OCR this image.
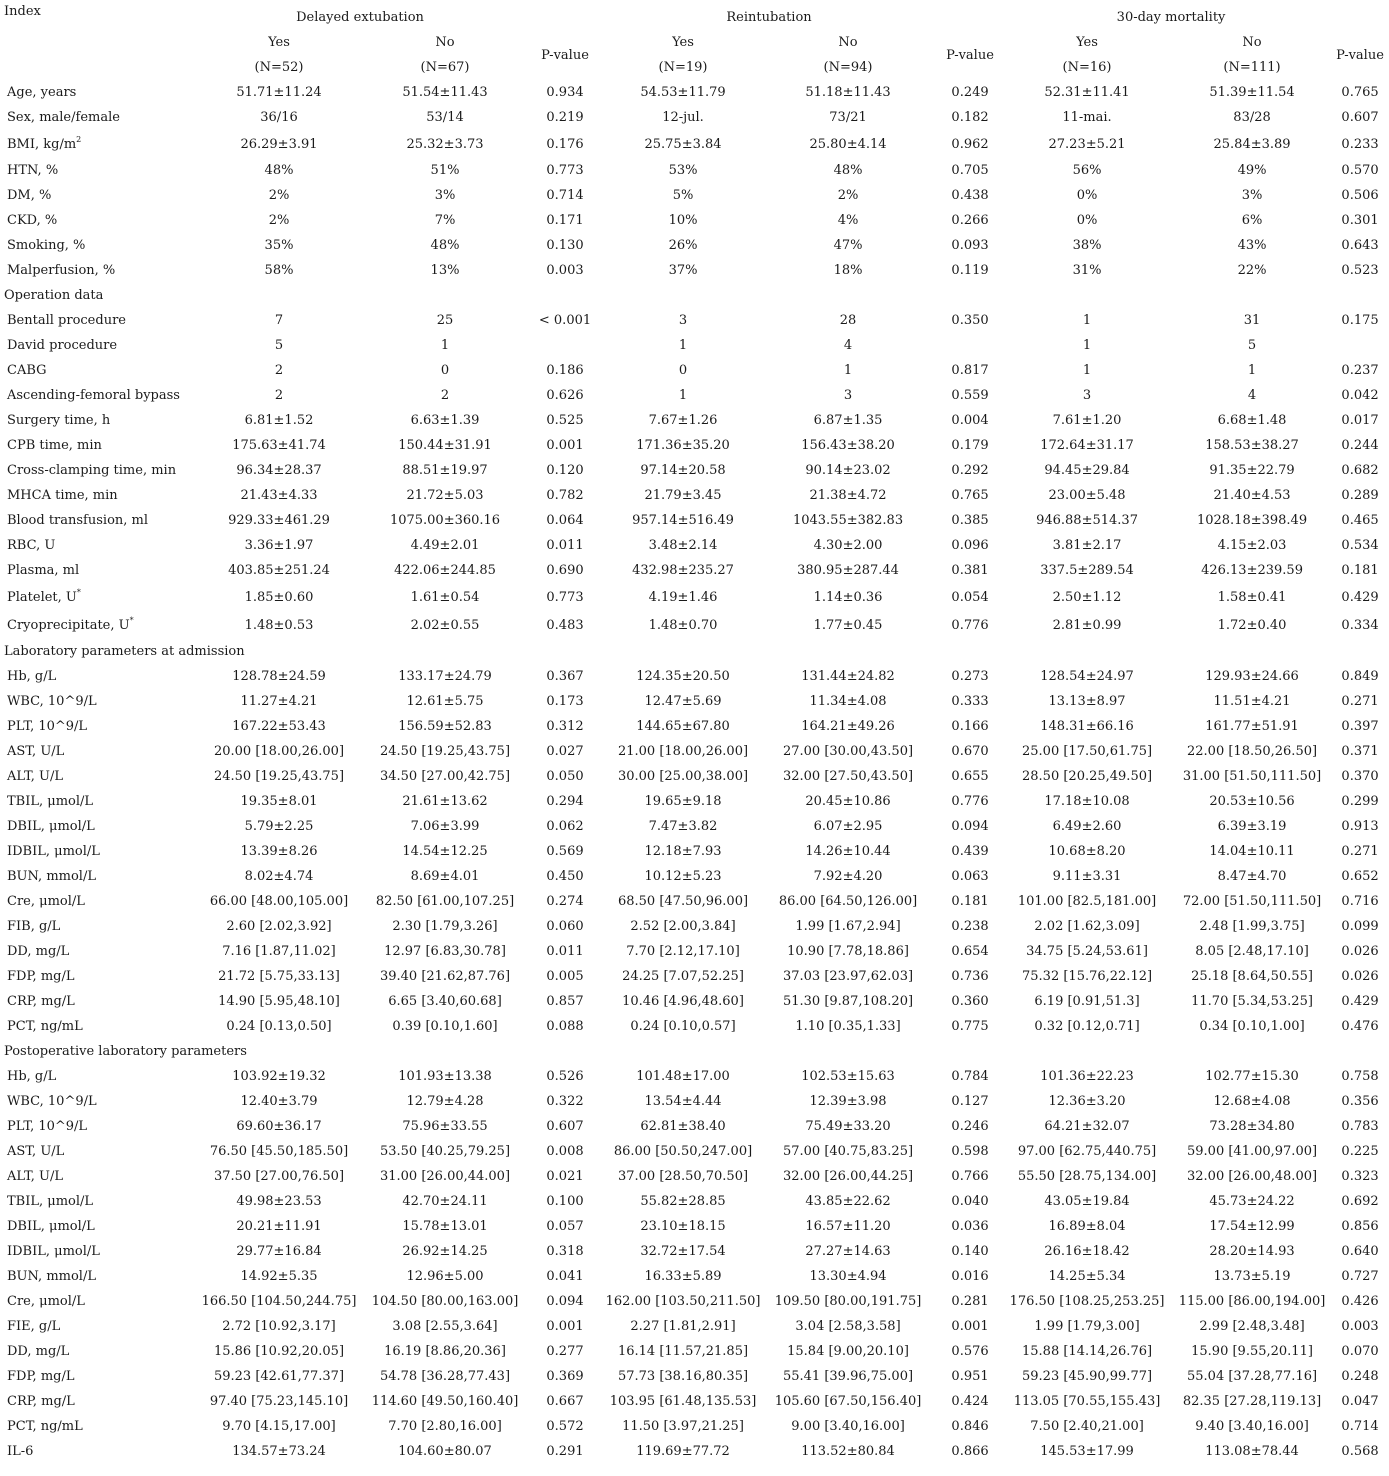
Index	Delayed extubation			Reintubation			30-day mortality		
	Yes	No	P-value	Yes	No	P-value	Yes	No	P-value
	(N=52)	(N=67)		(N=19)	(N=94)		(N=16)	(N=111)	
Age, years	51.71±11.24	51.54±11.43	0.934	54.53±11.79	51.18±11.43	0.249	52.31±11.41	51.39±11.54	0.765
Sex, male/female	36/16	53/14	0.219	12-jul.	73/21	0.182	11-mai.	83/28	0.607
BMI, $kg/m^2$	26.29±3.91	25.32±3.73	0.176	25.75±3.84	25.80±4.14	0.962	27.23±5.21	25.84±3.89	0.233
HTN, %	48%	51%	0.773	53%	48%	0.705	56%	49%	0.570
DM, %	2%	3%	0.714	5%	2%	0.438	0%	3%	0.506
CKD, %	2%	7%	0.171	10%	4%	0.266	0%	6%	0.301
Smoking, %	35%	48%	0.130	26%	47%	0.093	38%	43%	0.643
Malperfusion, %	58%	13%	0.003	37%	18%	0.119	31%	22%	0.523
Operation data									
Bentall procedure	7	25	< 0.001	3	28	0.350	1	31	0.175
David procedure	5	1		1	4		1	5	
CABG	2	0	0.186	0	1	0.817	1	1	0.237
Ascending-femoral bypass	2	2	0.626	1	3	0.559	3	4	0.042
Surgery time, h	6.81±1.52	6.63±1.39	0.525	7.67±1.26	6.87±1.35	0.004	7.61±1.20	6.68±1.48	0.017
CPB time, min	175.63±41.74	150.44±31.91	0.001	171.36±35.20	156.43±38.20	0.179	172.64±31.17	158.53±38.27	0.244
Cross-clamping time, min	96.34±28.37	88.51±19.97	0.120	97.14±20.58	90.14±23.02	0.292	94.45±29.84	91.35±22.79	0.682
MHCA time, min	21.43±4.33	21.72±5.03	0.782	21.79±3.45	21.38±4.72	0.765	23.00±5.48	21.40±4.53	0.289
Blood transfusion, ml	929.33±461.29	1075.00±360.16	0.064	957.14±516.49	1043.55±382.83	0.385	946.88±514.37	1028.18±398.49	0.465
RBC, U	3.36±1.97	4.49±2.01	0.011	3.48±2.14	4.30±2.00	0.096	3.81±2.17	4.15±2.03	0.534
Plasma, ml	403.85±251.24	422.06±244.85	0.690	432.98±235.27	380.95±287.44	0.381	337.5±289.54	426.13±239.59	0.181
Platelet, U*	1.85±0.60	1.61±0.54	0.773	4.19±1.46	1.14±0.36	0.054	2.50±1.12	1.58±0.41	0.429
Cryoprecipitate, U*	1.48±0.53	2.02±0.55	0.483	1.48±0.70	1.77±0.45	0.776	2.81±0.99	1.72±0.40	0.334
Laboratory parameters at admission									
Hb, g/L	128.78±24.59	133.17±24.79	0.367	124.35±20.50	131.44±24.82	0.273	128.54±24.97	129.93±24.66	0.849
WBC, 10^9/L	11.27±4.21	12.61±5.75	0.173	12.47±5.69	11.34±4.08	0.333	13.13±8.97	11.51±4.21	0.271
PLT, 10^9/L	167.22±53.43	156.59±52.83	0.312	144.65±67.80	164.21±49.26	0.166	148.31±66.16	161.77±51.91	0.397
AST, U/L	20.00 [18.00,26.00]	24.50 [19.25,43.75]	0.027	21.00 [18.00,26.00]	27.00 [30.00,43.50]	0.670	25.00 [17.50,61.75]	22.00 [18.50,26.50]	0.371
ALT, U/L	24.50 [19.25,43.75]	34.50 [27.00,42.75]	0.050	30.00 [25.00,38.00]	32.00 [27.50,43.50]	0.655	28.50 [20.25,49.50]	31.00 [51.50,111.50]	0.370
TBIL, μmol/L	19.35±8.01	21.61±13.62	0.294	19.65±9.18	20.45±10.86	0.776	17.18±10.08	20.53±10.56	0.299
DBIL, μmol/L	5.79±2.25	7.06±3.99	0.062	7.47±3.82	6.07±2.95	0.094	6.49±2.60	6.39±3.19	0.913
IDBIL, μmol/L	13.39±8.26	14.54±12.25	0.569	12.18±7.93	14.26±10.44	0.439	10.68±8.20	14.04±10.11	0.271
BUN, mmol/L	8.02±4.74	8.69±4.01	0.450	10.12±5.23	7.92±4.20	0.063	9.11±3.31	8.47±4.70	0.652
Cre, μmol/L	66.00 [48.00,105.00]	82.50 [61.00,107.25]	0.274	68.50 [47.50,96.00]	86.00 [64.50,126.00]	0.181	101.00 [82.5,181.00]	72.00 [51.50,111.50]	0.716
FIB, g/L	2.60 [2.02,3.92]	2.30 [1.79,3.26]	0.060	2.52 [2.00,3.84]	1.99 [1.67,2.94]	0.238	2.02 [1.62,3.09]	2.48 [1.99,3.75]	0.099
DD, mg/L	7.16 [1.87,11.02]	12.97 [6.83,30.78]	0.011	7.70 [2.12,17.10]	10.90 [7.78,18.86]	0.654	34.75 [5.24,53.61]	8.05 [2.48,17.10]	0.026
FDP, mg/L	21.72 [5.75,33.13]	39.40 [21.62,87.76]	0.005	24.25 [7.07,52.25]	37.03 [23.97,62.03]	0.736	75.32 [15.76,22.12]	25.18 [8.64,50.55]	0.026
CRP, mg/L	14.90 [5.95,48.10]	6.65 [3.40,60.68]	0.857	10.46 [4.96,48.60]	51.30 [9.87,108.20]	0.360	6.19 [0.91,51.3]	11.70 [5.34,53.25]	0.429
PCT, ng/mL	0.24 [0.13,0.50]	0.39 [0.10,1.60]	0.088	0.24 [0.10,0.57]	1.10 [0.35,1.33]	0.775	0.32 [0.12,0.71]	0.34 [0.10,1.00]	0.476
Postoperative laboratory parameters									
Hb, g/L	103.92±19.32	101.93±13.38	0.526	101.48±17.00	102.53±15.63	0.784	101.36±22.23	102.77±15.30	0.758
WBC, 10^9/L	12.40±3.79	12.79±4.28	0.322	13.54±4.44	12.39±3.98	0.127	12.36±3.20	12.68±4.08	0.356
PLT, 10^9/L	69.60±36.17	75.96±33.55	0.607	62.81±38.40	75.49±33.20	0.246	64.21±32.07	73.28±34.80	0.783
AST, U/L	76.50 [45.50,185.50]	53.50 [40.25,79.25]	0.008	86.00 [50.50,247.00]	57.00 [40.75,83.25]	0.598	97.00 [62.75,440.75]	59.00 [41.00,97.00]	0.225
ALT, U/L	37.50 [27.00,76.50]	31.00 [26.00,44.00]	0.021	37.00 [28.50,70.50]	32.00 [26.00,44.25]	0.766	55.50 [28.75,134.00]	32.00 [26.00,48.00]	0.323
TBIL, μmol/L	49.98±23.53	42.70±24.11	0.100	55.82±28.85	43.85±22.62	0.040	43.05±19.84	45.73±24.22	0.692
DBIL, μmol/L	20.21±11.91	15.78±13.01	0.057	23.10±18.15	16.57±11.20	0.036	16.89±8.04	17.54±12.99	0.856
IDBIL, μmol/L	29.77±16.84	26.92±14.25	0.318	32.72±17.54	27.27±14.63	0.140	26.16±18.42	28.20±14.93	0.640
BUN, mmol/L	14.92±5.35	12.96±5.00	0.041	16.33±5.89	13.30±4.94	0.016	14.25±5.34	13.73±5.19	0.727
Cre, μmol/L	166.50 [104.50,244.75]	104.50 [80.00,163.00]	0.094	162.00 [103.50,211.50]	109.50 [80.00,191.75]	0.281	176.50 [108.25,253.25]	115.00 [86.00,194.00]	0.426
FIE, g/L	2.72 [10.92,3.17]	3.08 [2.55,3.64]	0.001	2.27 [1.81,2.91]	3.04 [2.58,3.58]	0.001	1.99 [1.79,3.00]	2.99 [2.48,3.48]	0.003
DD, mg/L	15.86 [10.92,20.05]	16.19 [8.86,20.36]	0.277	16.14 [11.57,21.85]	15.84 [9.00,20.10]	0.576	15.88 [14.14,26.76]	15.90 [9.55,20.11]	0.070
FDP, mg/L	59.23 [42.61,77.37]	54.78 [36.28,77.43]	0.369	57.73 [38.16,80.35]	55.41 [39.96,75.00]	0.951	59.23 [45.90,99.77]	55.04 [37.28,77.16]	0.248
CRP, mg/L	97.40 [75.23,145.10]	114.60 [49.50,160.40]	0.667	103.95 [61.48,135.53]	105.60 [67.50,156.40]	0.424	113.05 [70.55,155.43]	82.35 [27.28,119.13]	0.047
PCT, ng/mL	9.70 [4.15,17.00]	7.70 [2.80,16.00]	0.572	11.50 [3.97,21.25]	9.00 [3.40,16.00]	0.846	7.50 [2.40,21.00]	9.40 [3.40,16.00]	0.714
IL-6	134.57±73.24	104.60±80.07	0.291	119.69±77.72	113.52±80.84	0.866	145.53±17.99	113.08±78.44	0.568
